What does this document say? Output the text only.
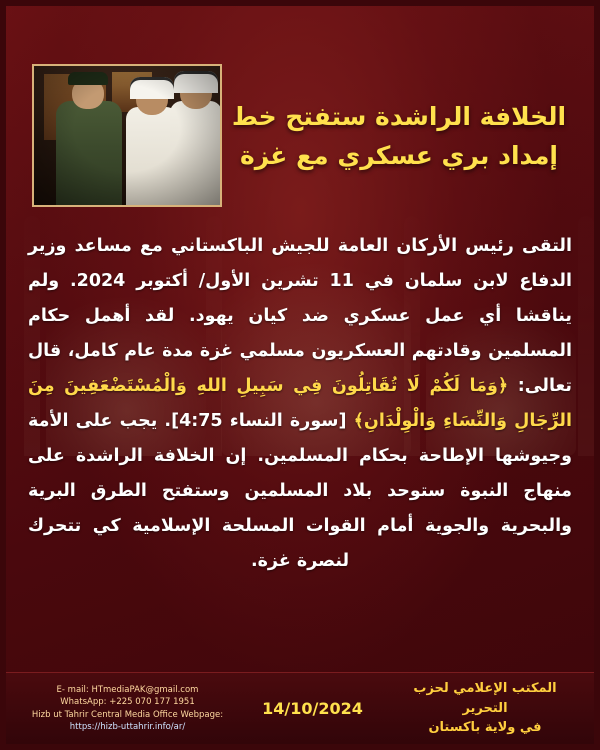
الخلافة الراشدة ستفتح خط
إمداد بري عسكري مع غزة

التقى رئيس الأركان العامة للجيش الباكستاني مع مساعد وزير الدفاع لابن سلمان في 11 تشرين الأول/ أكتوبر 2024. ولم يناقشا أي عمل عسكري ضد كيان يهود. لقد أهمل حكام المسلمين وقادتهم العسكريون مسلمي غزة مدة عام كامل، قال تعالى: ﴿وَمَا لَكُمْ لَا تُقَاتِلُونَ فِي سَبِيلِ اللهِ وَالْمُسْتَضْعَفِينَ مِنَ الرِّجَالِ وَالنِّسَاءِ وَالْوِلْدَانِ﴾ [سورة النساء 4:75]. يجب على الأمة وجيوشها الإطاحة بحكام المسلمين. إن الخلافة الراشدة على منهاج النبوة ستوحد بلاد المسلمين وستفتح الطرق البرية والبحرية والجوية أمام القوات المسلحة الإسلامية كي تتحرك لنصرة غزة.

المكتب الإعلامي لحزب التحرير
في ولاية باكستان
14/10/2024
E- mail: HTmediaPAK@gmail.com
WhatsApp: +225 070 177 1951
Hizb ut Tahrir Central Media Office Webpage:
https://hizb-uttahrir.info/ar/
